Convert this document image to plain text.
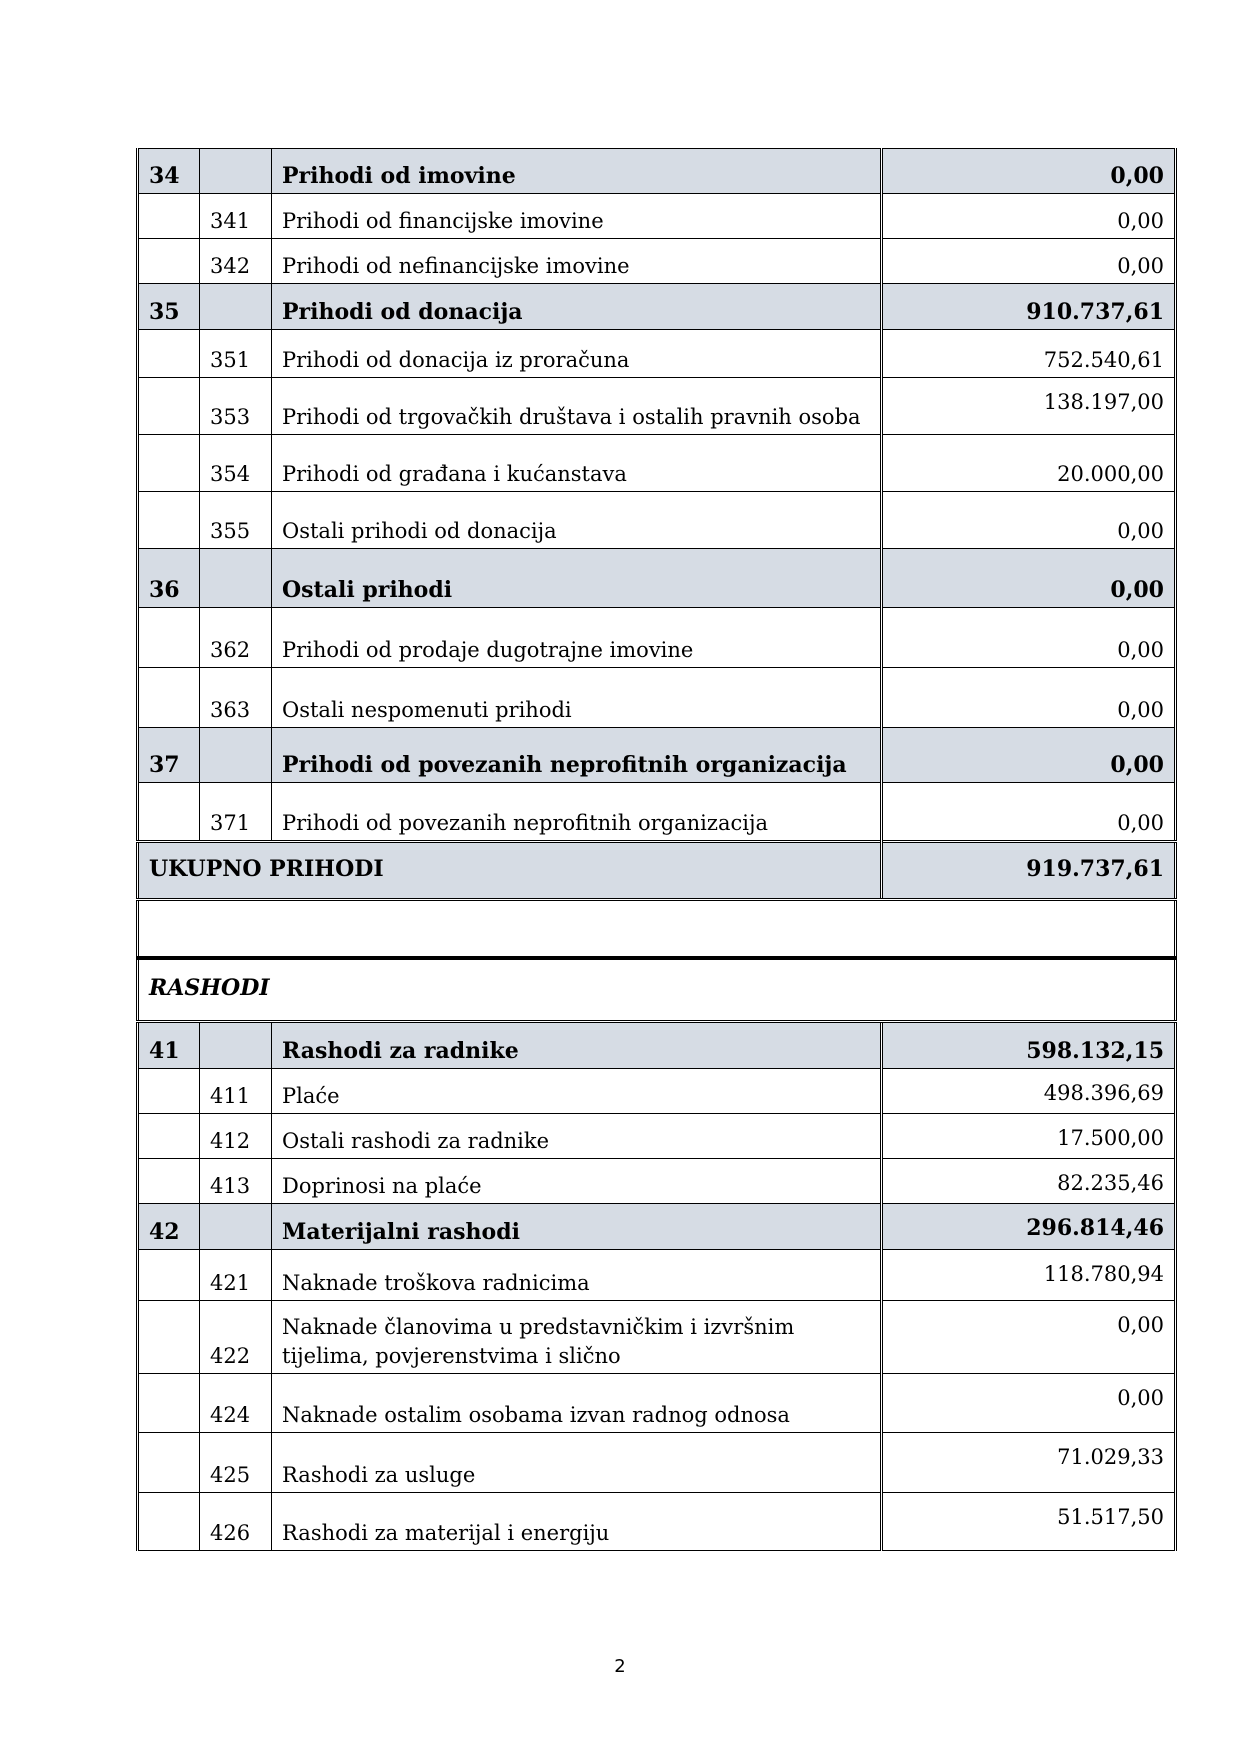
34		Prihodi od imovine	0,00
	341	Prihodi od financijske imovine	0,00
	342	Prihodi od nefinancijske imovine	0,00
35		Prihodi od donacija	910.737,61
	351	Prihodi od donacija iz proračuna	752.540,61
	353	Prihodi od trgovačkih društava i ostalih pravnih osoba	138.197,00
	354	Prihodi od građana i kućanstava	20.000,00
	355	Ostali prihodi od donacija	0,00
36		Ostali prihodi	0,00
	362	Prihodi od prodaje dugotrajne imovine	0,00
	363	Ostali nespomenuti prihodi	0,00
37		Prihodi od povezanih neprofitnih organizacija	0,00
	371	Prihodi od povezanih neprofitnih organizacija	0,00
UKUPNO PRIHODI			919.737,61

RASHODI			
41		Rashodi za radnike	598.132,15
	411	Plaće	498.396,69
	412	Ostali rashodi za radnike	17.500,00
	413	Doprinosi na plaće	82.235,46
42		Materijalni rashodi	296.814,46
	421	Naknade troškova radnicima	118.780,94
	422	Naknade članovima u predstavničkim i izvršnim tijelima, povjerenstvima i slično	0,00
	424	Naknade ostalim osobama izvan radnog odnosa	0,00
	425	Rashodi za usluge	71.029,33
	426	Rashodi za materijal i energiju	51.517,50
2
